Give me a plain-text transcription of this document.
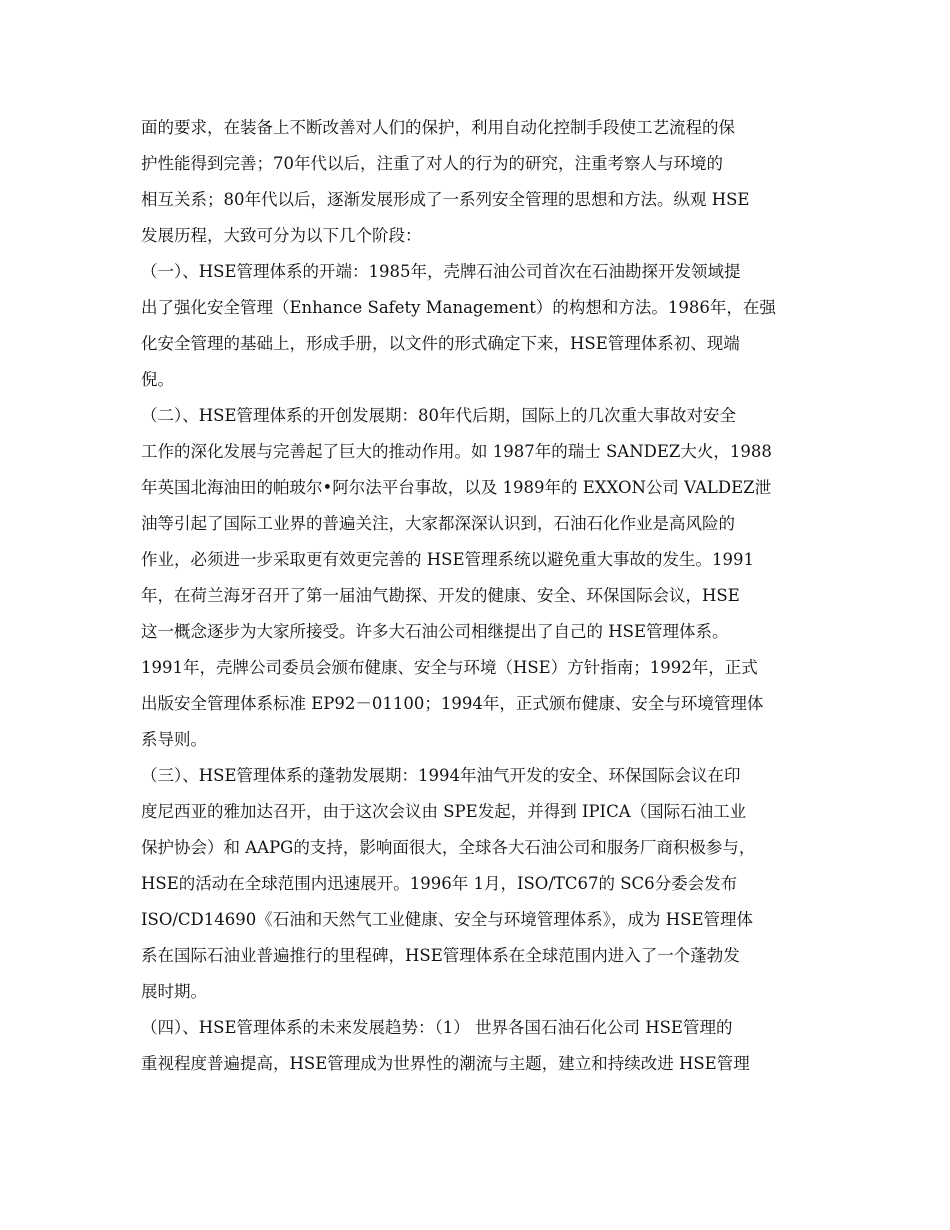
面的要求，在装备上不断改善对人们的保护，利用自动化控制手段使工艺流程的保
护性能得到完善；70年代以后，注重了对人的行为的研究，注重考察人与环境的
相互关系；80年代以后，逐渐发展形成了一系列安全管理的思想和方法。纵观 HSE
发展历程，大致可分为以下几个阶段：
（一）、HSE管理体系的开端：1985年，壳牌石油公司首次在石油勘探开发领域提
出了强化安全管理（Enhance Safety Management）的构想和方法。1986年，在强
化安全管理的基础上，形成手册，以文件的形式确定下来，HSE管理体系初、现端
倪。
（二）、HSE管理体系的开创发展期：80年代后期，国际上的几次重大事故对安全
工作的深化发展与完善起了巨大的推动作用。如 1987年的瑞士 SANDEZ大火，1988
年英国北海油田的帕玻尔•阿尔法平台事故，以及 1989年的 EXXON公司 VALDEZ泄
油等引起了国际工业界的普遍关注，大家都深深认识到，石油石化作业是高风险的
作业，必须进一步采取更有效更完善的 HSE管理系统以避免重大事故的发生。1991
年，在荷兰海牙召开了第一届油气勘探、开发的健康、安全、环保国际会议，HSE
这一概念逐步为大家所接受。许多大石油公司相继提出了自己的 HSE管理体系。
1991年，壳牌公司委员会颁布健康、安全与环境（HSE）方针指南；1992年，正式
出版安全管理体系标准 EP92－01100；1994年，正式颁布健康、安全与环境管理体
系导则。
（三）、HSE管理体系的蓬勃发展期：1994年油气开发的安全、环保国际会议在印
度尼西亚的雅加达召开，由于这次会议由 SPE发起，并得到 IPICA（国际石油工业
保护协会）和 AAPG的支持，影响面很大，全球各大石油公司和服务厂商积极参与，
HSE的活动在全球范围内迅速展开。1996年 1月，ISO/TC67的 SC6分委会发布
ISO/CD14690《石油和天然气工业健康、安全与环境管理体系》，成为 HSE管理体
系在国际石油业普遍推行的里程碑，HSE管理体系在全球范围内进入了一个蓬勃发
展时期。
（四）、HSE管理体系的未来发展趋势：（1） 世界各国石油石化公司 HSE管理的
重视程度普遍提高，HSE管理成为世界性的潮流与主题，建立和持续改进 HSE管理
